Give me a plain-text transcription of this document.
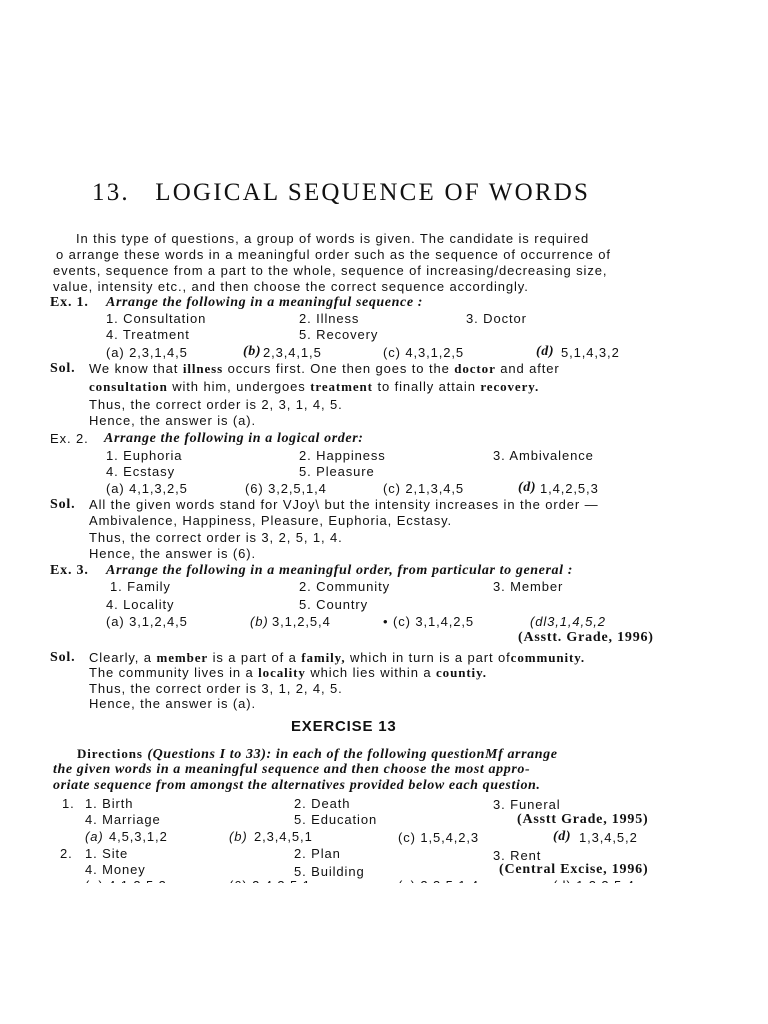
13. LOGICAL SEQUENCE OF WORDS
In this type of questions, a group of words is given. The candidate is required
o arrange these words in a meaningful order such as the sequence of occurrence of
events, sequence from a part to the whole, sequence of increasing/decreasing size,
value, intensity etc., and then choose the correct sequence accordingly.
Ex. 1. Arrange the following in a meaningful sequence :
1. Consultation	2. Illness	3. Doctor
4. Treatment	5. Recovery
(a) 2,3,1,4,5	(b) 2,3,4,1,5	(c) 4,3,1,2,5	(d) 5,1,4,3,2
Sol. We know that illness occurs first. One then goes to the doctor and after
consultation with him, undergoes treatment to finally attain recovery.
Thus, the correct order is 2, 3, 1, 4, 5.
Hence, the answer is (a).
Ex. 2. Arrange the following in a logical order:
1. Euphoria	2. Happiness	3. Ambivalence
4. Ecstasy	5. Pleasure
(a) 4,1,3,2,5	(6) 3,2,5,1,4	(c) 2,1,3,4,5	(d) 1,4,2,5,3
Sol. All the given words stand for VJoy\ but the intensity increases in the order —
Ambivalence, Happiness, Pleasure, Euphoria, Ecstasy.
Thus, the correct order is 3, 2, 5, 1, 4.
Hence, the answer is (6).
Ex. 3. Arrange the following in a meaningful order, from particular to general :
1. Family	2. Community	3. Member
4. Locality	5. Country
(a) 3,1,2,4,5	(b) 3,1,2,5,4	• (c) 3,1,4,2,5	(dl3,1,4,5,2
(Asstt. Grade, 1996)
Sol. Clearly, a member is a part of a family, which in turn is a part ofcommunity.
The community lives in a locality which lies within a countiy.
Thus, the correct order is 3, 1, 2, 4, 5.
Hence, the answer is (a).
EXERCISE 13
Directions (Questions I to 33): in each of the following questionMf arrange
the given words in a meaningful sequence and then choose the most appro-
oriate sequence from amongst the alternatives provided below each question.
1. 1. Birth	2. Death	3. Funeral
4. Marriage	5. Education	(Asstt Grade, 1995)
(a) 4,5,3,1,2	(b) 2,3,4,5,1	(c) 1,5,4,2,3	(d) 1,3,4,5,2
2. 1. Site	2. Plan	3. Rent
4. Money	5. Building	(Central Excise, 1996)
